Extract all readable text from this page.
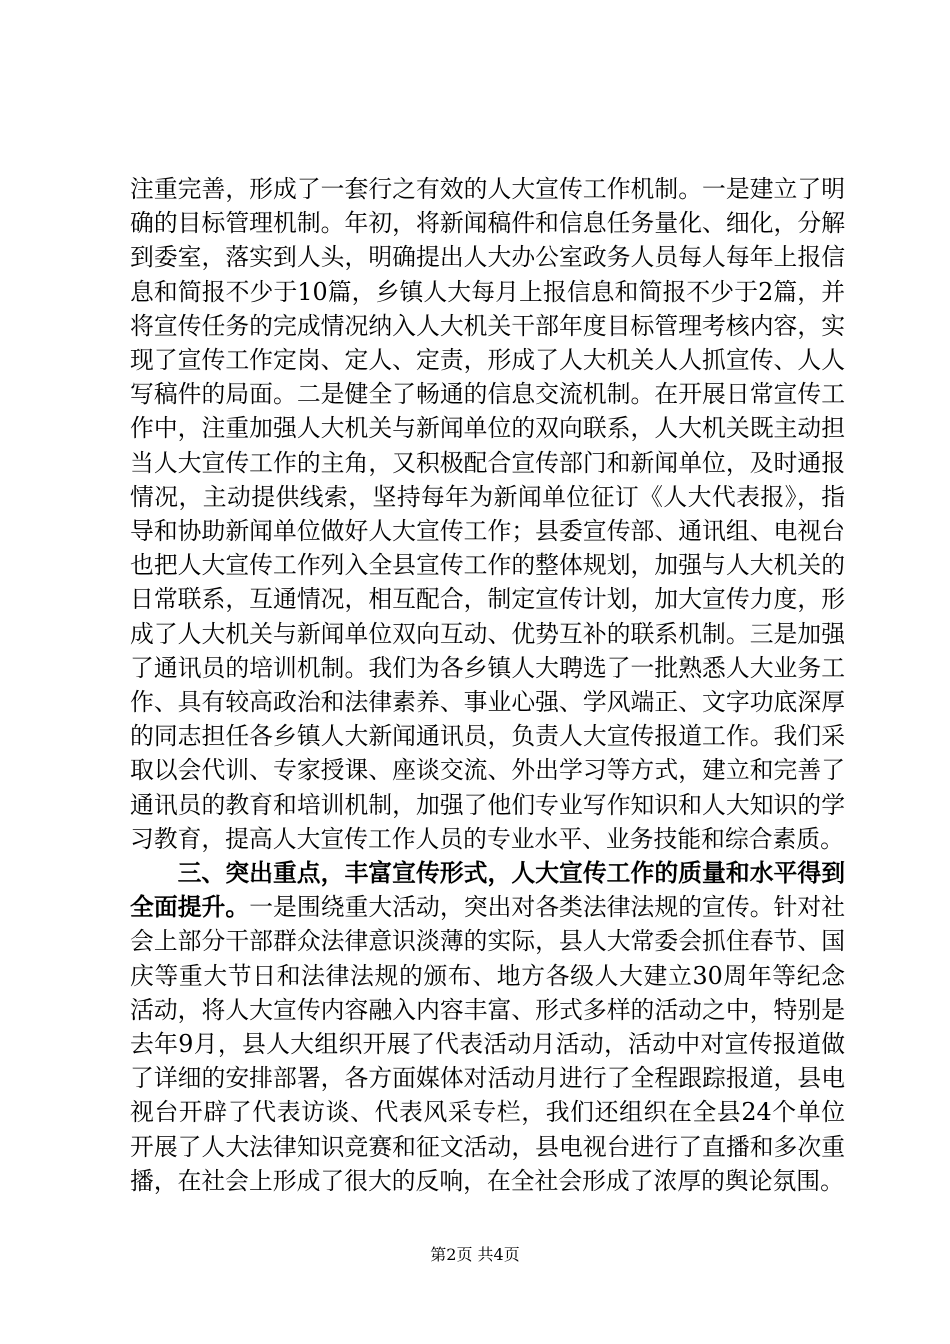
注重完善，形成了一套行之有效的人大宣传工作机制。一是建立了明确的目标管理机制。年初，将新闻稿件和信息任务量化、细化，分解到委室，落实到人头，明确提出人大办公室政务人员每人每年上报信息和简报不少于10篇，乡镇人大每月上报信息和简报不少于2篇，并将宣传任务的完成情况纳入人大机关干部年度目标管理考核内容，实现了宣传工作定岗、定人、定责，形成了人大机关人人抓宣传、人人写稿件的局面。二是健全了畅通的信息交流机制。在开展日常宣传工作中，注重加强人大机关与新闻单位的双向联系，人大机关既主动担当人大宣传工作的主角，又积极配合宣传部门和新闻单位，及时通报情况，主动提供线索，坚持每年为新闻单位征订《人大代表报》，指导和协助新闻单位做好人大宣传工作；县委宣传部、通讯组、电视台也把人大宣传工作列入全县宣传工作的整体规划，加强与人大机关的日常联系，互通情况，相互配合，制定宣传计划，加大宣传力度，形成了人大机关与新闻单位双向互动、优势互补的联系机制。三是加强了通讯员的培训机制。我们为各乡镇人大聘选了一批熟悉人大业务工作、具有较高政治和法律素养、事业心强、学风端正、文字功底深厚的同志担任各乡镇人大新闻通讯员，负责人大宣传报道工作。我们采取以会代训、专家授课、座谈交流、外出学习等方式，建立和完善了通讯员的教育和培训机制，加强了他们专业写作知识和人大知识的学习教育，提高人大宣传工作人员的专业水平、业务技能和综合素质。

三、突出重点，丰富宣传形式，人大宣传工作的质量和水平得到全面提升。一是围绕重大活动，突出对各类法律法规的宣传。针对社会上部分干部群众法律意识淡薄的实际，县人大常委会抓住春节、国庆等重大节日和法律法规的颁布、地方各级人大建立30周年等纪念活动，将人大宣传内容融入内容丰富、形式多样的活动之中，特别是去年9月，县人大组织开展了代表活动月活动，活动中对宣传报道做了详细的安排部署，各方面媒体对活动月进行了全程跟踪报道，县电视台开辟了代表访谈、代表风采专栏，我们还组织在全县24个单位开展了人大法律知识竞赛和征文活动，县电视台进行了直播和多次重播，在社会上形成了很大的反响，在全社会形成了浓厚的舆论氛围。

第2页 共4页
